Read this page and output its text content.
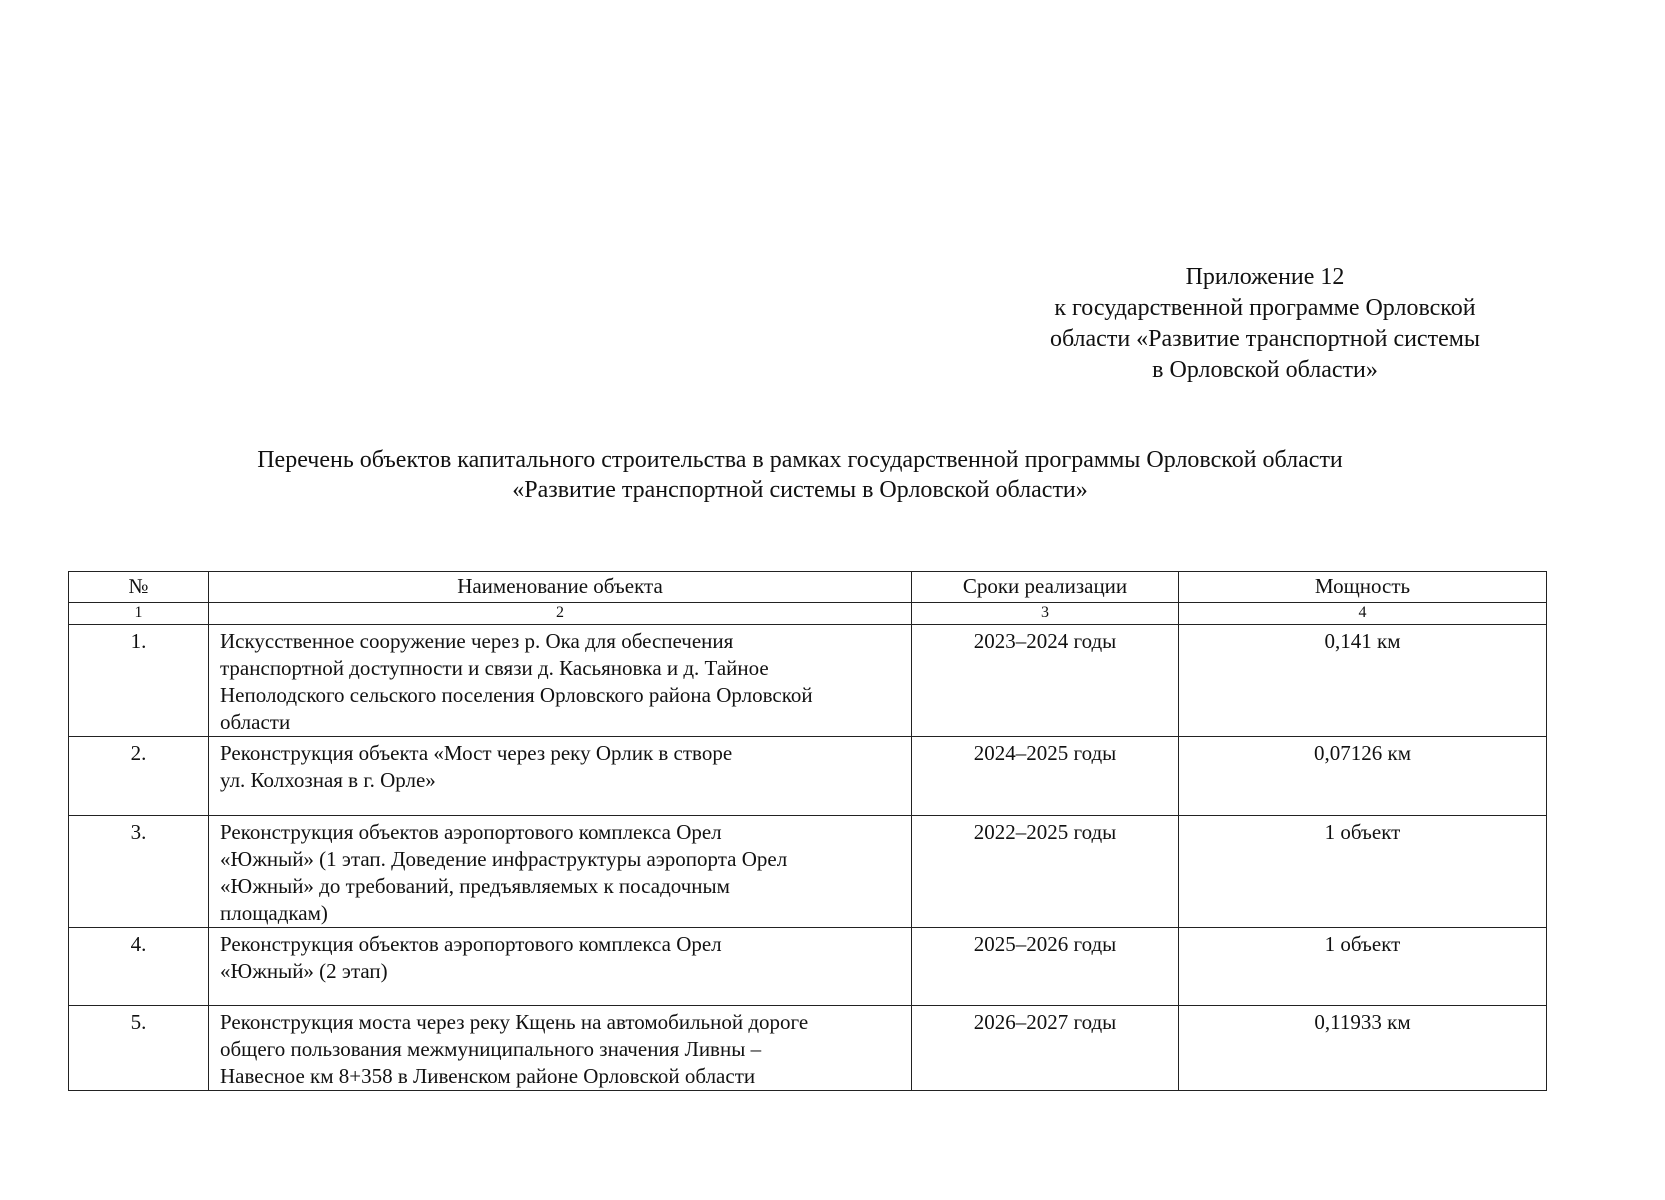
Приложение 12
к государственной программе Орловской
области «Развитие транспортной системы
в Орловской области»
Перечень объектов капитального строительства в рамках государственной программы Орловской области
«Развитие транспортной системы в Орловской области»
№	Наименование объекта	Сроки реализации	Мощность
1	2	3	4
1.	Искусственное сооружение через р. Ока для обеспечения
транспортной доступности и связи д. Касьяновка и д. Тайное
Неполодского сельского поселения Орловского района Орловской
области	2023–2024 годы	0,141 км
2.	Реконструкция объекта «Мост через реку Орлик в створе
ул. Колхозная в г. Орле»	2024–2025 годы	0,07126 км
3.	Реконструкция объектов аэропортового комплекса Орел
«Южный» (1 этап. Доведение инфраструктуры аэропорта Орел
«Южный» до требований, предъявляемых к посадочным
площадкам)	2022–2025 годы	1 объект
4.	Реконструкция объектов аэропортового комплекса Орел
«Южный» (2 этап)	2025–2026 годы	1 объект
5.	Реконструкция моста через реку Кщень на автомобильной дороге
общего пользования межмуниципального значения Ливны –
Навесное км 8+358 в Ливенском районе Орловской области	2026–2027 годы	0,11933 км
